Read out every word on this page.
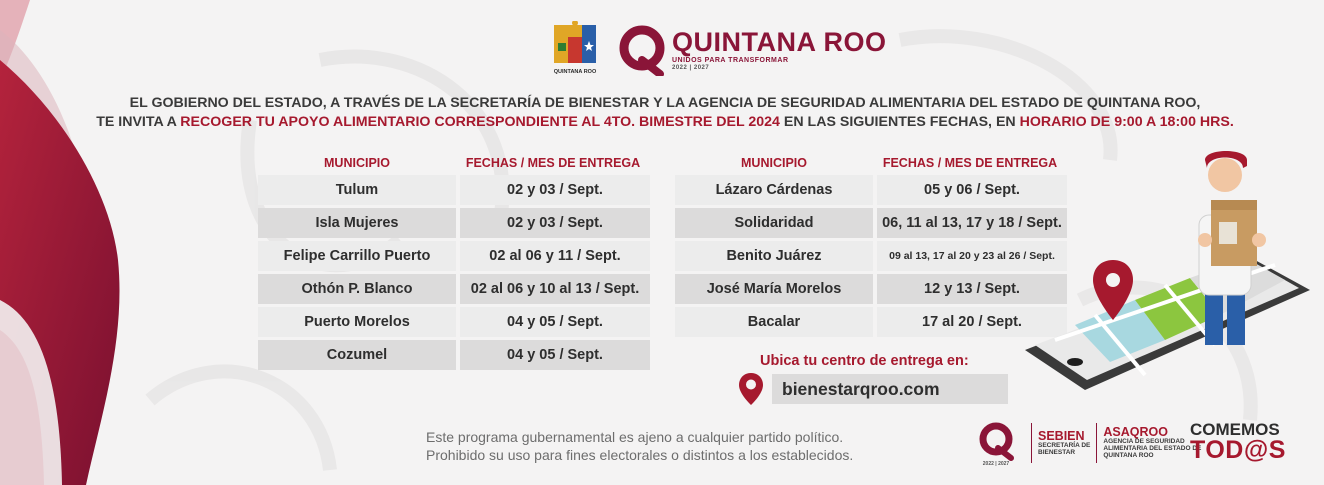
QUINTANA ROO
QUINTANA ROO
UNIDOS PARA TRANSFORMAR
2022 | 2027
EL GOBIERNO DEL ESTADO, A TRAVÉS DE LA SECRETARÍA DE BIENESTAR Y LA AGENCIA DE SEGURIDAD ALIMENTARIA DEL ESTADO DE QUINTANA ROO,
TE INVITA A RECOGER TU APOYO ALIMENTARIO CORRESPONDIENTE AL 4TO. BIMESTRE DEL 2024 EN LAS SIGUIENTES FECHAS, EN HORARIO DE 9:00 A 18:00 HRS.
MUNICIPIO	FECHAS / MES DE ENTREGA
Tulum	02 y 03 / Sept.
Isla Mujeres	02 y 03 / Sept.
Felipe Carrillo Puerto	02 al 06 y 11 / Sept.
Othón P. Blanco	02 al 06 y 10 al 13 / Sept.
Puerto Morelos	04 y 05 / Sept.
Cozumel	04 y 05 / Sept.
MUNICIPIO	FECHAS / MES DE ENTREGA
Lázaro Cárdenas	05 y 06 / Sept.
Solidaridad	06, 11 al 13, 17 y 18 / Sept.
Benito Juárez	09 al 13, 17 al 20 y 23 al 26 / Sept.
José María Morelos	12 y 13 / Sept.
Bacalar	17 al 20 / Sept.
Ubica tu centro de entrega en:
bienestarqroo.com
Este programa gubernamental es ajeno a cualquier partido político.
Prohibido su uso para fines electorales o distintos a los establecidos.
2022 | 2027
SEBIEN
SECRETARÍA DE
BIENESTAR
ASAQROO
AGENCIA DE SEGURIDAD
ALIMENTARIA DEL ESTADO DE
QUINTANA ROO
COMEMOS
TOD@S
